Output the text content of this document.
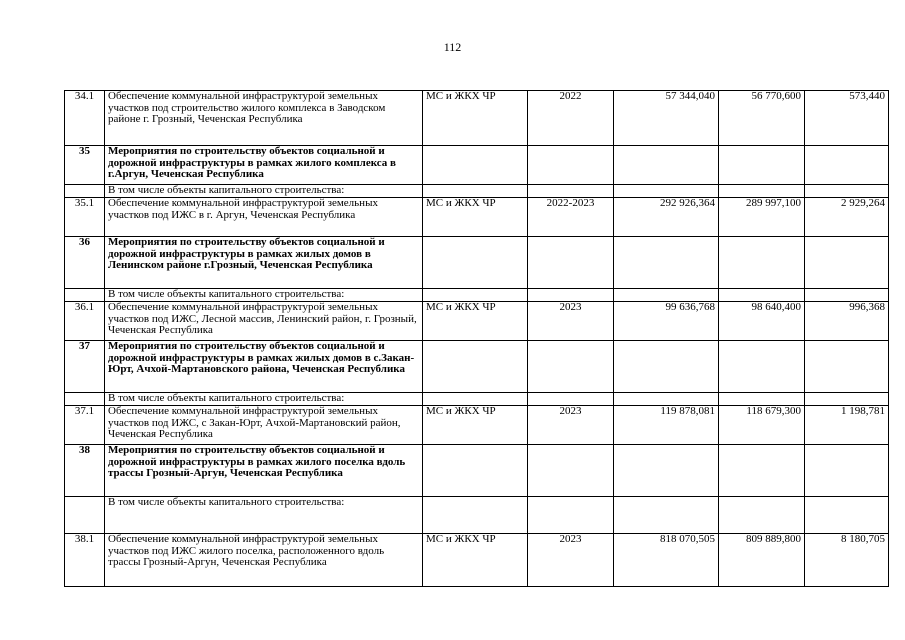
112
34.1	Обеспечение коммунальной инфраструктурой земельных участков под строительство жилого комплекса в Заводском районе г. Грозный, Чеченская Республика	МС и ЖКХ ЧР	2022	57 344,040	56 770,600	573,440
35	Мероприятия по строительству объектов социальной и дорожной инфраструктуры в рамках жилого комплекса в г.Аргун, Чеченская Республика					
	В том числе объекты капитального строительства:					
35.1	Обеспечение коммунальной инфраструктурой земельных участков под ИЖС в г. Аргун, Чеченская Республика	МС и ЖКХ ЧР	2022-2023	292 926,364	289 997,100	2 929,264
36	Мероприятия по строительству объектов социальной и дорожной инфраструктуры в рамках жилых домов в Ленинском районе г.Грозный, Чеченская Республика					
	В том числе объекты капитального строительства:					
36.1	Обеспечение коммунальной инфраструктурой земельных участков под ИЖС, Лесной массив, Ленинский район, г. Грозный, Чеченская Республика	МС и ЖКХ ЧР	2023	99 636,768	98 640,400	996,368
37	Мероприятия по строительству объектов социальной и дорожной инфраструктуры в рамках жилых домов в с.Закан-Юрт, Ачхой-Мартановского района, Чеченская Республика					
	В том числе объекты капитального строительства:					
37.1	Обеспечение коммунальной инфраструктурой земельных участков под ИЖС, с Закан-Юрт, Ачхой-Мартановский район, Чеченская Республика	МС и ЖКХ ЧР	2023	119 878,081	118 679,300	1 198,781
38	Мероприятия по строительству объектов социальной и дорожной инфраструктуры в рамках жилого поселка вдоль трассы Грозный-Аргун, Чеченская Республика					
	В том числе объекты капитального строительства:					
38.1	Обеспечение коммунальной инфраструктурой земельных участков под ИЖС жилого поселка, расположенного вдоль трассы Грозный-Аргун, Чеченская Республика	МС и ЖКХ ЧР	2023	818 070,505	809 889,800	8 180,705
